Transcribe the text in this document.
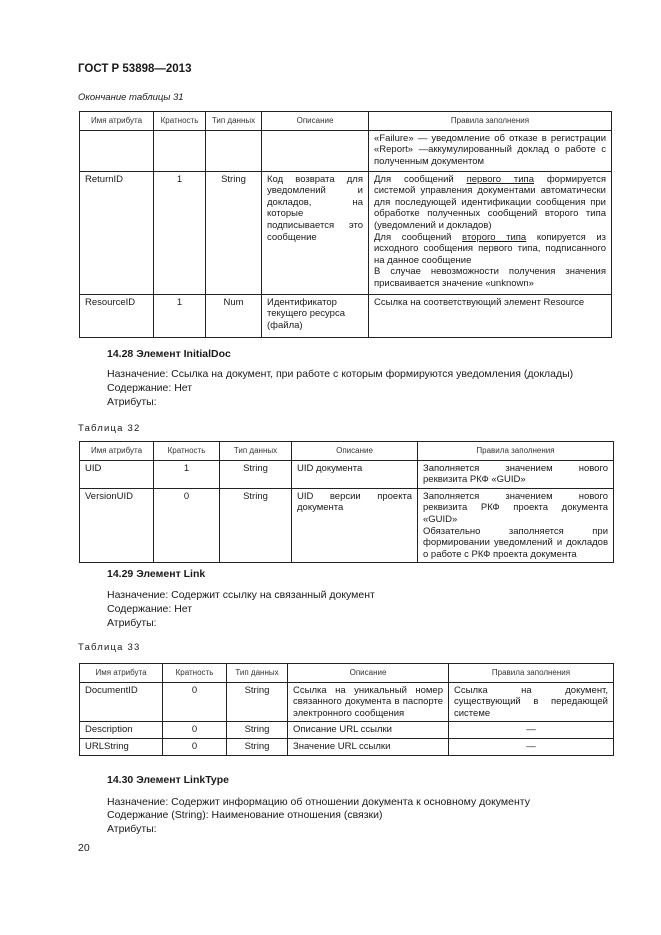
ГОСТ Р 53898—2013
Окончание таблицы 31
Имя атрибута	Кратность	Тип данных	Описание	Правила заполнения
				«Failure» — уведомление об отказе в регистрации «Report» —аккумулированный доклад о работе с полученным документом
ReturnID	1	String	Код возврата для уведомлений и докладов, на которые подписывается это сообщение	Для сообщений первого типа формируется системой управления документами автоматически для последующей идентификации сообщения при обработке полученных сообщений второго типа (уведомлений и докладов)
Для сообщений второго типа копируется из исходного сообщения первого типа, подписанного на данное сообщение
В случае невозможности получения значения присваивается значение «unknown»

ResourceID	1	Num	Идентификатор текущего ресурса (файла)	Ссылка на соответствующий элемент Resource
14.28 Элемент InitialDoc
Назначение: Ссылка на документ, при работе с которым формируются уведомления (доклады)
Содержание: Нет
Атрибуты:
Таблица 32
Имя атрибута	Кратность	Тип данных	Описание	Правила заполнения
UID	1	String	UID документа	Заполняется значением нового реквизита РКФ «GUID»
VersionUID	0	String	UID версии проекта документа	Заполняется значением нового реквизита РКФ проекта документа «GUID»
Обязательно заполняется при формировании уведомлений и докладов о работе с РКФ проекта документа
14.29 Элемент Link
Назначение: Содержит ссылку на связанный документ
Содержание: Нет
Атрибуты:
Таблица 33
Имя атрибута	Кратность	Тип данных	Описание	Правила заполнения
DocumentID	0	String	Ссылка на уникальный номер связанного документа в паспорте электронного сообщения	Ссылка на документ, существующий в передающей системе
Description	0	String	Описание URL ссылки	—
URLString	0	String	Значение URL ссылки	—
14.30 Элемент LinkType
Назначение: Содержит информацию об отношении документа к основному документу
Содержание (String): Наименование отношения (связки)
Атрибуты:
20
